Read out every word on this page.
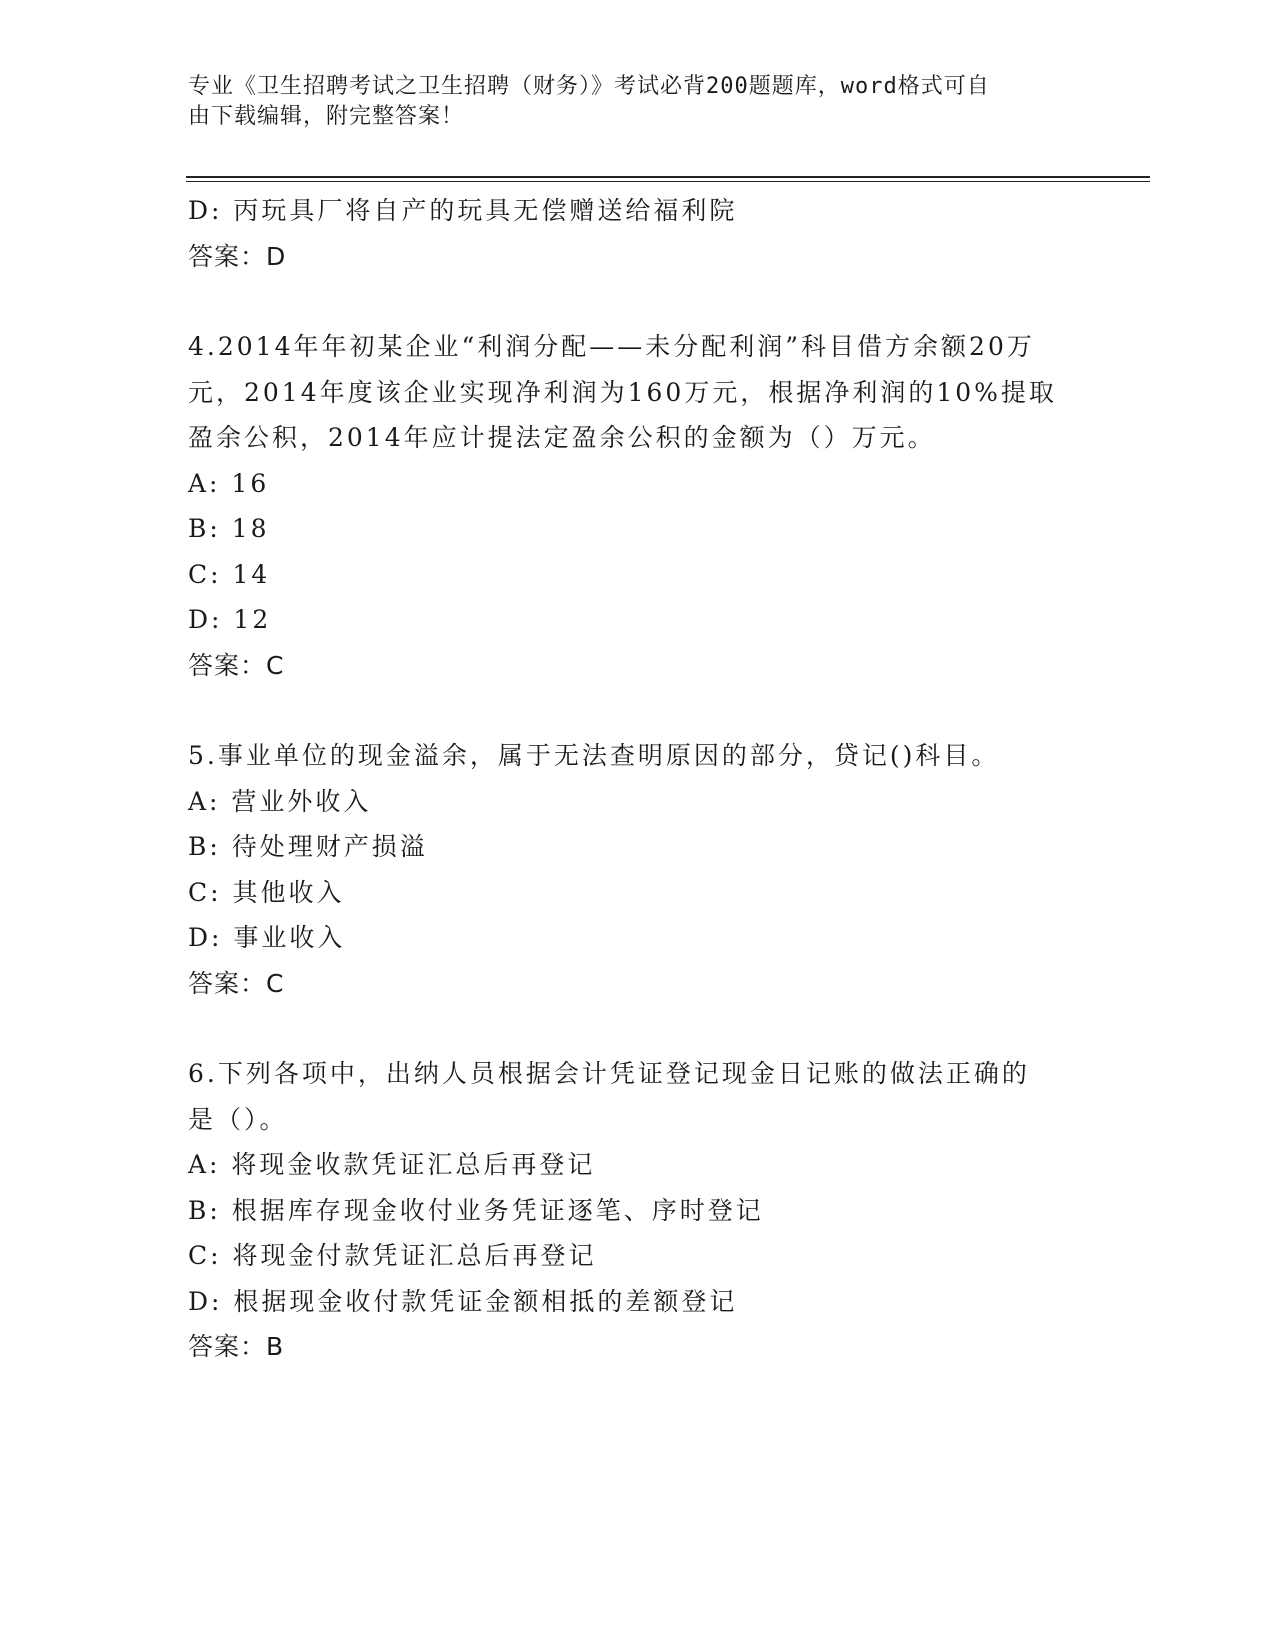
专业《卫生招聘考试之卫生招聘（财务）》考试必背200题题库，word格式可自
由下载编辑，附完整答案！
D: 丙玩具厂将自产的玩具无偿赠送给福利院
答案：D
4.2014年年初某企业“利润分配——未分配利润”科目借方余额20万
元，2014年度该企业实现净利润为160万元，根据净利润的10%提取
盈余公积，2014年应计提法定盈余公积的金额为（）万元。
A: 16
B: 18
C: 14
D: 12
答案：C
5.事业单位的现金溢余，属于无法查明原因的部分，贷记()科目。
A: 营业外收入
B: 待处理财产损溢
C: 其他收入
D: 事业收入
答案：C
6.下列各项中，出纳人员根据会计凭证登记现金日记账的做法正确的
是（）。
A: 将现金收款凭证汇总后再登记
B: 根据库存现金收付业务凭证逐笔、序时登记
C: 将现金付款凭证汇总后再登记
D: 根据现金收付款凭证金额相抵的差额登记
答案：B
